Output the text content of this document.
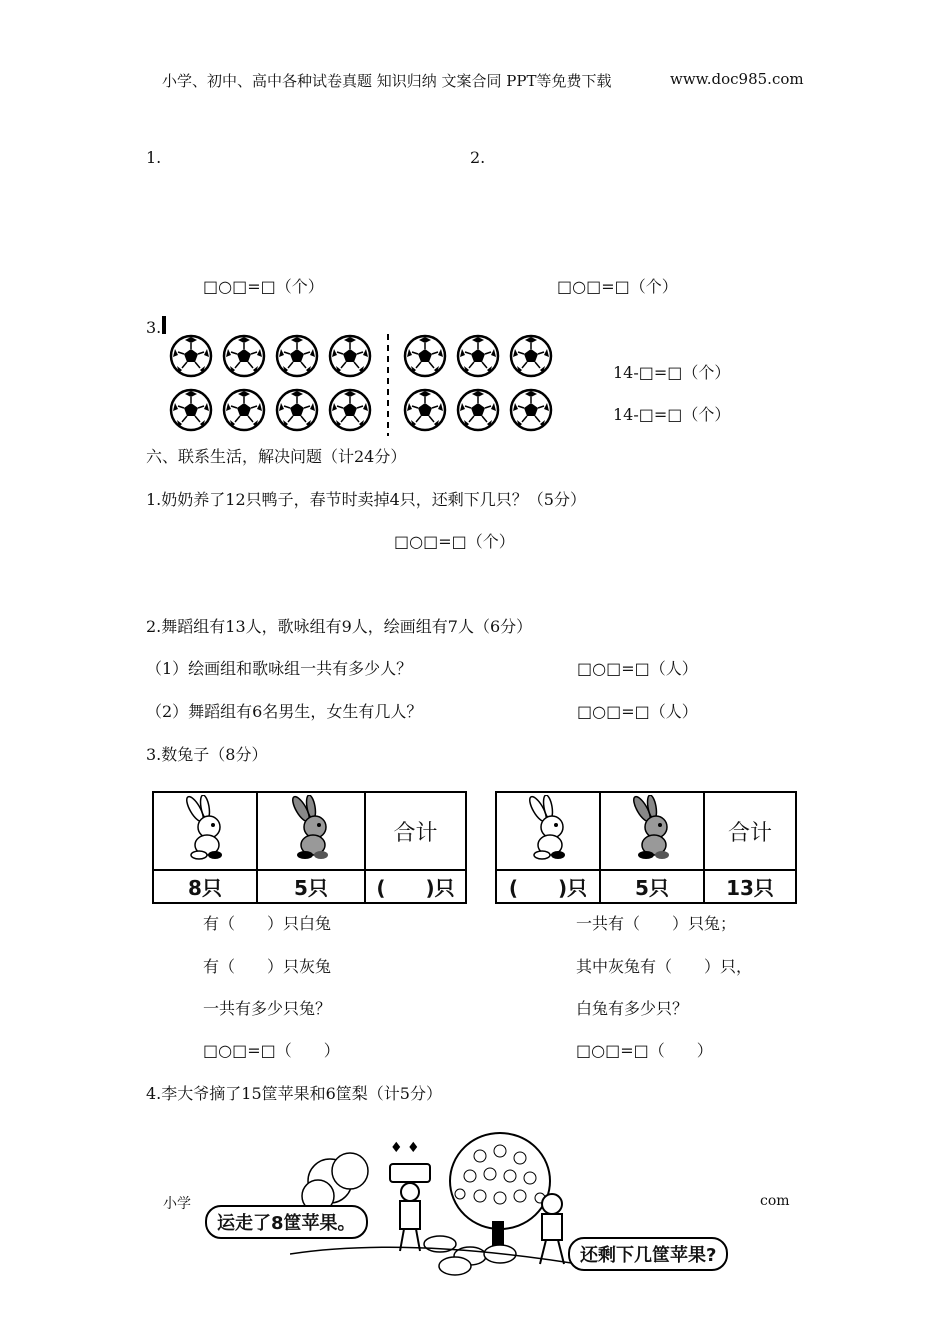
小学、初中、高中各种试卷真题 知识归纳 文案合同 PPT等免费下载	www.doc985.com
1.	2.
□○□=□（个）	□○□=□（个）
3.
14-□=□（个）
14-□=□（个）
六、联系生活，解决问题（计24分）
1.奶奶养了12只鸭子，春节时卖掉4只，还剩下几只？（5分）
□○□=□（个）
2.舞蹈组有13人，歌咏组有9人，绘画组有7人（6分）
（1）绘画组和歌咏组一共有多少人？	□○□=□（人）
（2）舞蹈组有6名男生，女生有几人？	□○□=□（人）
3.数兔子（8分）
		合计
8只	5只	(　　)只
		合计
(　　)只	5只	13只
有（　　）只白兔
有（　　）只灰兔
一共有多少只兔？
□○□=□（　　）
一共有（　　）只兔；
其中灰兔有（　　）只，
白兔有多少只？
□○□=□（　　）
4.李大爷摘了15筐苹果和6筐梨（计5分）
♦ ♦
运走了8筐苹果。
还剩下几筐苹果?
小学	com
